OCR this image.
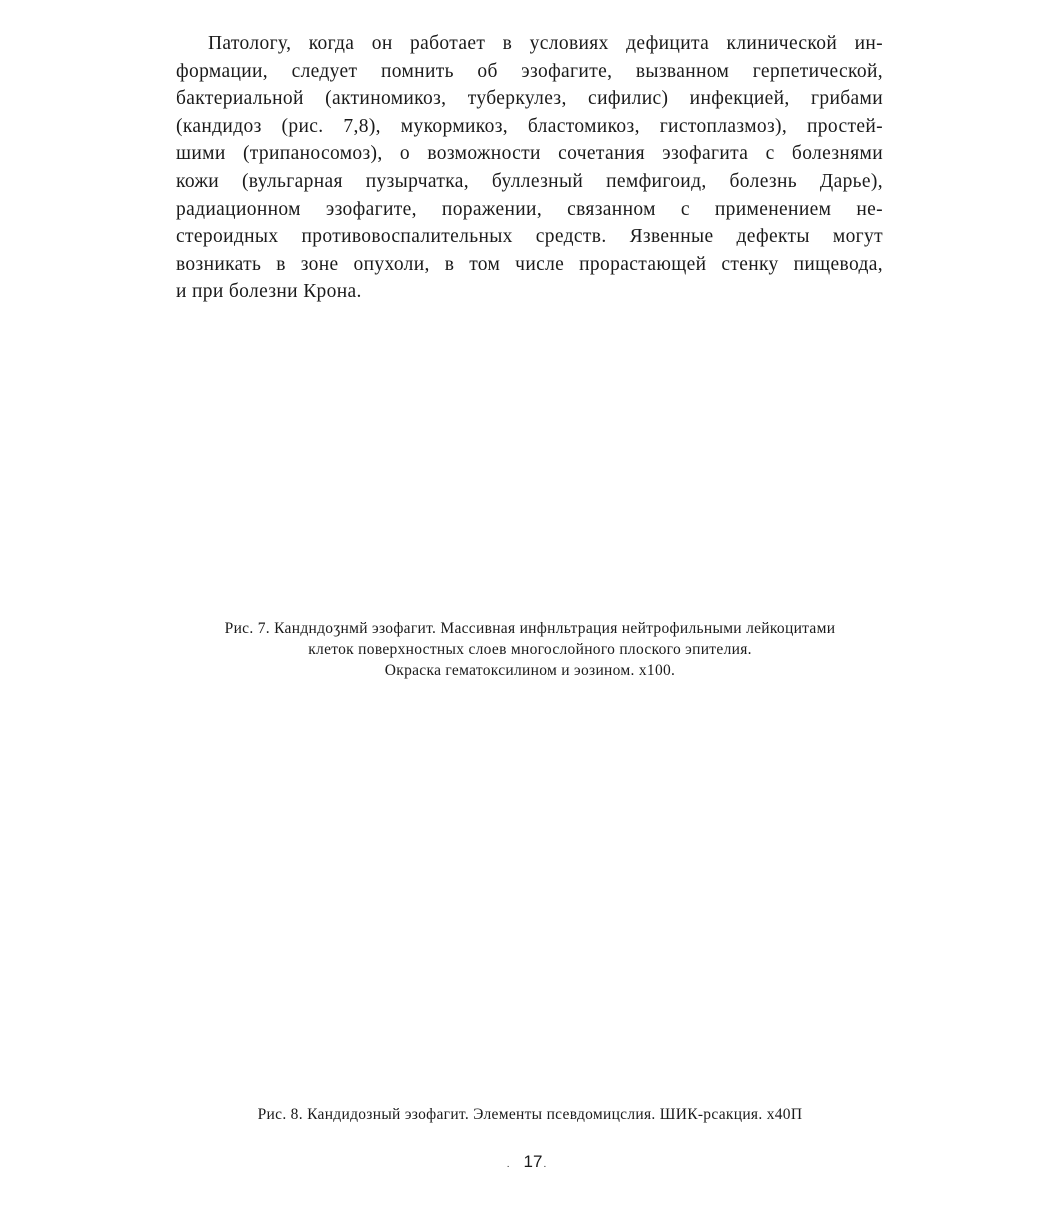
Патологу, когда он работает в условиях дефицита клинической ин-
формации, следует помнить об эзофагите, вызванном герпетической,
бактериальной (актиномикоз, туберкулез, сифилис) инфекцией, грибами
(кандидоз (рис. 7,8), мукормикоз, бластомикоз, гистоплазмоз), простей-
шими (трипаносомоз), о возможности сочетания эзофагита с болезнями
кожи (вульгарная пузырчатка, буллезный пемфигоид, болезнь Дарье),
радиационном эзофагите, поражении, связанном с применением не-
стероидных противовоспалительных средств. Язвенные дефекты могут
возникать в зоне опухоли, в том числе прорастающей стенку пищевода,
и при болезни Крона.
Рис. 7. Кандндоʒнмй эзофагит. Массивная инфнльтрация нейтрофильными лейкоцитами
клеток поверхностных слоев многослойного плоского эпителия.
Окраска гематоксилином и эозином. x100.
Рис. 8. Кандидозный эзофагит. Элементы псевдомицслия. ШИК-рсакция. x40П
. 17.
